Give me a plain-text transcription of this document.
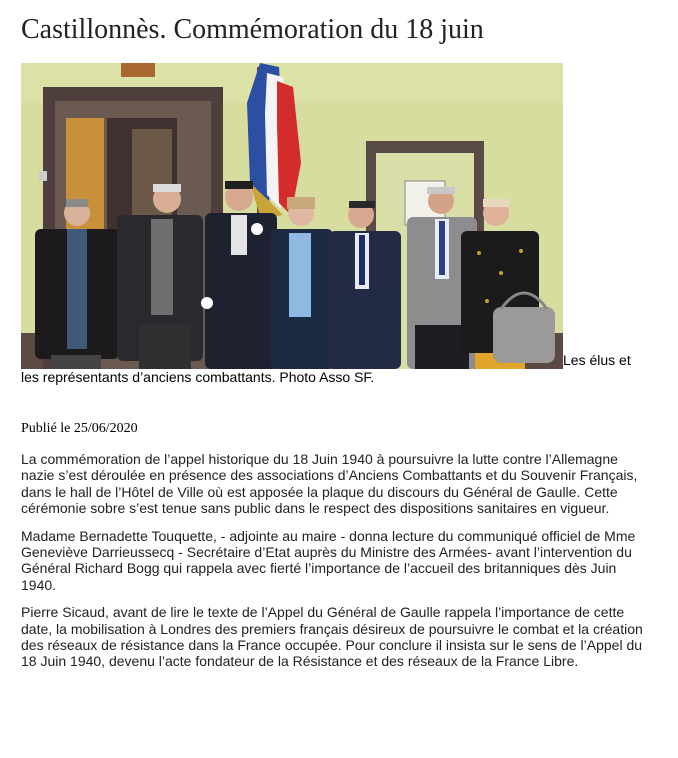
Castillonnès. Commémoration du 18 juin
Les élus et les représentants d’anciens combattants. Photo Asso SF.
Publié le 25/06/2020

La commémoration de l’appel historique du 18 Juin 1940 à poursuivre la lutte contre l’Allemagne nazie s’est déroulée en présence des associations d’Anciens Combattants et du Souvenir Français, dans le hall de l’Hôtel de Ville où est apposée la plaque du discours du Général de Gaulle. Cette cérémonie sobre s’est tenue sans public dans le respect des dispositions sanitaires en vigueur.

Madame Bernadette Touquette, - adjointe au maire - donna lecture du communiqué officiel de Mme Geneviève Darrieussecq - Secrétaire d’Etat auprès du Ministre des Armées- avant l’intervention du Général Richard Bogg qui rappela avec fierté l’importance de l’accueil des britanniques dès Juin 1940.

Pierre Sicaud, avant de lire le texte de l’Appel du Général de Gaulle rappela l’importance de cette date, la mobilisation à Londres des premiers français désireux de poursuivre le combat et la création des réseaux de résistance dans la France occupée. Pour conclure il insista sur le sens de l’Appel du 18 Juin 1940, devenu l’acte fondateur de la Résistance et des réseaux de la France Libre.
